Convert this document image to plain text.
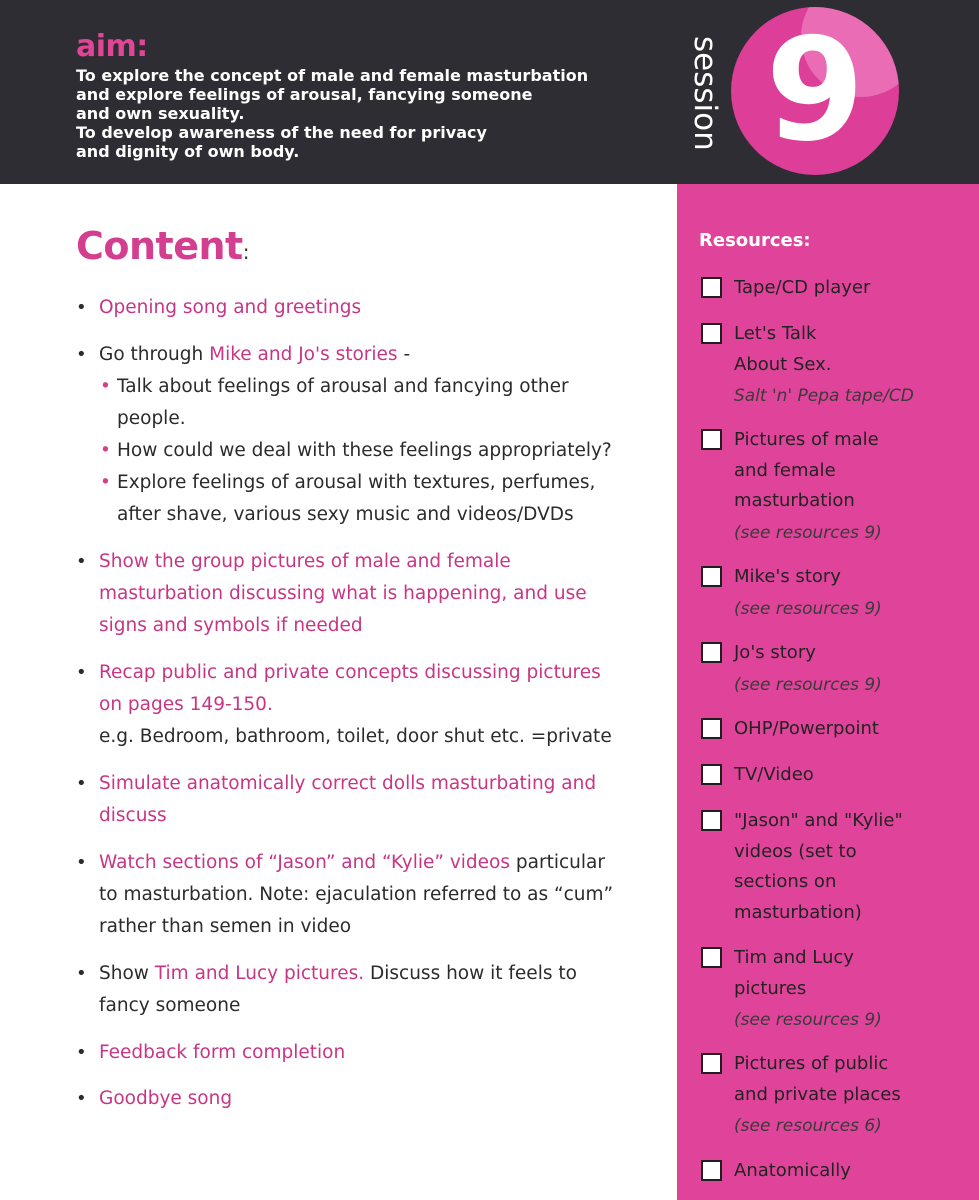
aim:
To explore the concept of male and female masturbation
and explore feelings of arousal, fancying someone
and own sexuality.
To develop awareness of the need for privacy
and dignity of own body.
session 9
Content:
• Opening song and greetings
• Go through Mike and Jo's stories -
• Talk about feelings of arousal and fancying other
people.
• How could we deal with these feelings appropriately?
• Explore feelings of arousal with textures, perfumes,
after shave, various sexy music and videos/DVDs
• Show the group pictures of male and female
masturbation discussing what is happening, and use
signs and symbols if needed
• Recap public and private concepts discussing pictures
on pages 149-150.
e.g. Bedroom, bathroom, toilet, door shut etc. =private
• Simulate anatomically correct dolls masturbating and
discuss
• Watch sections of “Jason” and “Kylie” videos particular
to masturbation. Note: ejaculation referred to as “cum”
rather than semen in video
• Show Tim and Lucy pictures. Discuss how it feels to
fancy someone
• Feedback form completion
• Goodbye song
Resources:
Tape/CD player
Let's Talk
About Sex.
Salt 'n' Pepa tape/CD
Pictures of male
and female
masturbation
(see resources 9)
Mike's story
(see resources 9)
Jo's story
(see resources 9)
OHP/Powerpoint
TV/Video
"Jason" and "Kylie"
videos (set to
sections on
masturbation)
Tim and Lucy
pictures
(see resources 9)
Pictures of public
and private places
(see resources 6)
Anatomically
